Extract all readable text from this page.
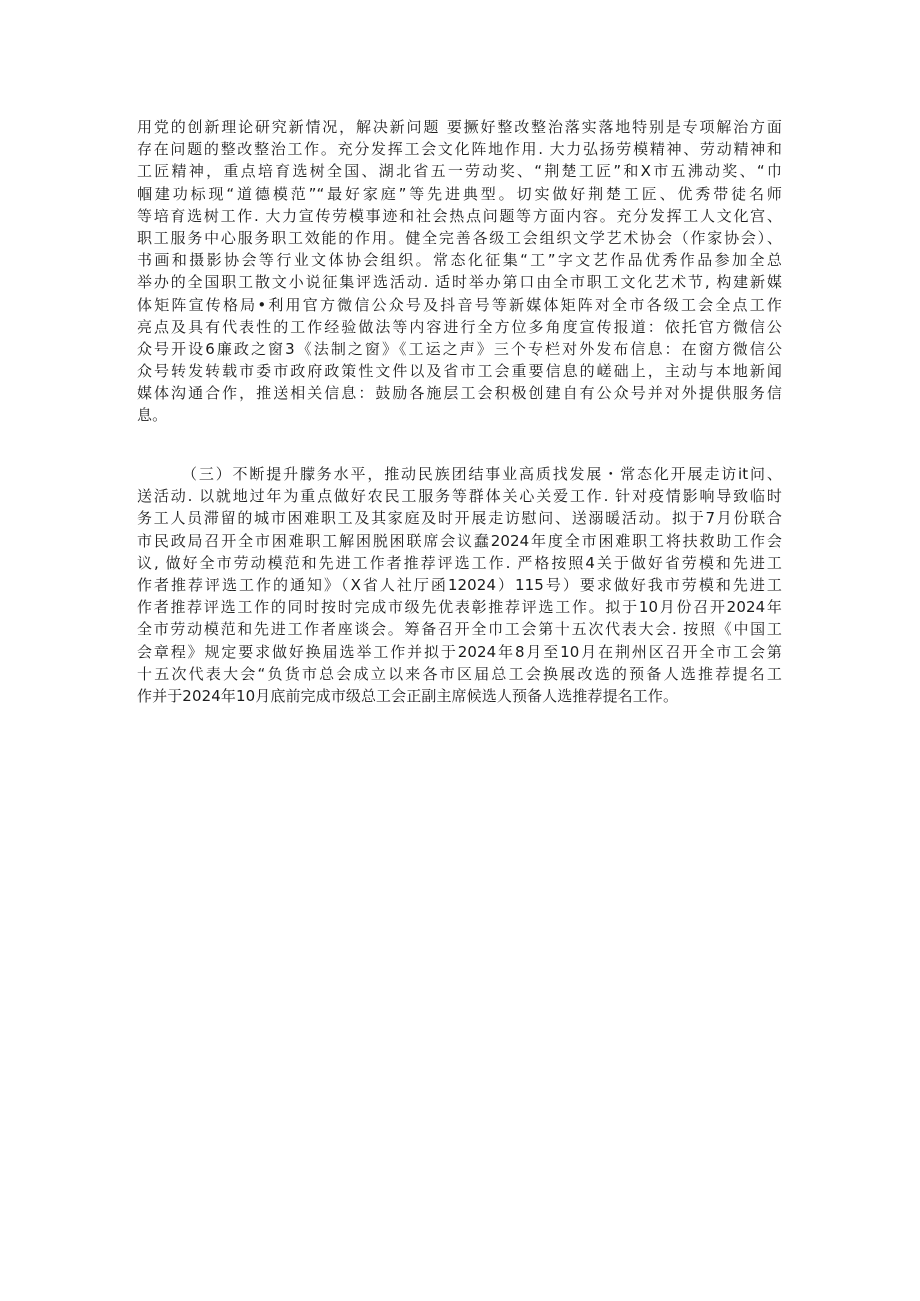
用党的创新理论研究新情况，解决新问题 要撅好整改整治落实落地特别是专项解治方面
存在问题的整改整治工作。充分发挥工会文化阵地作用. 大力弘扬劳模精神、劳动精神和
工匠精神，重点培育选树全国、湖北省五一劳动奖、“荆楚工匠”和X市五沸动奖、“巾
帼建功标现“道德模范”“最好家庭”等先进典型。切实做好荆楚工匠、优秀带徒名师
等培育选树工作. 大力宣传劳模事迹和社会热点问题等方面内容。充分发挥工人文化宫、
职工服务中心服务职工效能的作用。健全完善各级工会组织文学艺术协会（作家协会）、
书画和摄影协会等行业文体协会组织。常态化征集“工”字文艺作品优秀作品参加全总
举办的全国职工散文小说征集评选活动. 适时举办第口由全市职工文化艺术节, 构建新媒
体矩阵宣传格局•利用官方微信公众号及抖音号等新媒体矩阵对全市各级工会全点工作
亮点及具有代表性的工作经验做法等内容进行全方位多角度宣传报道：依托官方微信公
众号开设6廉政之窗3《法制之窗》《工运之声》三个专栏对外发布信息：在窗方微信公
众号转发转载市委市政府政策性文件以及省市工会重要信息的嵯础上，主动与本地新闻
媒体沟通合作，推送相关信息：鼓励各施层工会积极创建自有公众号并对外提供服务信
息。
（三）不断提升朦务水平，推动民族团结事业高质找发展・常态化开展走访it问、
送活动. 以就地过年为重点做好农民工服务等群体关心关爱工作. 针对疫情影响导致临时
务工人员滞留的城市困难职工及其家庭及时开展走访慰问、送溺暖活动。拟于7月份联合
市民政局召开全市困难职工解困脱困联席会议蠢2024年度全市困难职工将扶救助工作会
议, 做好全市劳动模范和先进工作者推荐评选工作. 严格按照4关于做好省劳模和先进工
作者推荐评选工作的通知》（X省人社厅函12024）115号）要求做好我市劳模和先进工
作者推荐评选工作的同时按时完成市级先优表彰推荐评选工作。拟于10月份召开2024年
全市劳动模范和先进工作者座谈会。筹备召开全巾工会第十五次代表大会. 按照《中国工
会章程》规定要求做好换届选举工作并拟于2024年8月至10月在荆州区召开全市工会第
十五次代表大会“负货市总会成立以来各市区届总工会换展改选的预备人选推荐提名工
作并于2024年10月底前完成市级总工会正副主席候选人预备人选推荐提名工作。
